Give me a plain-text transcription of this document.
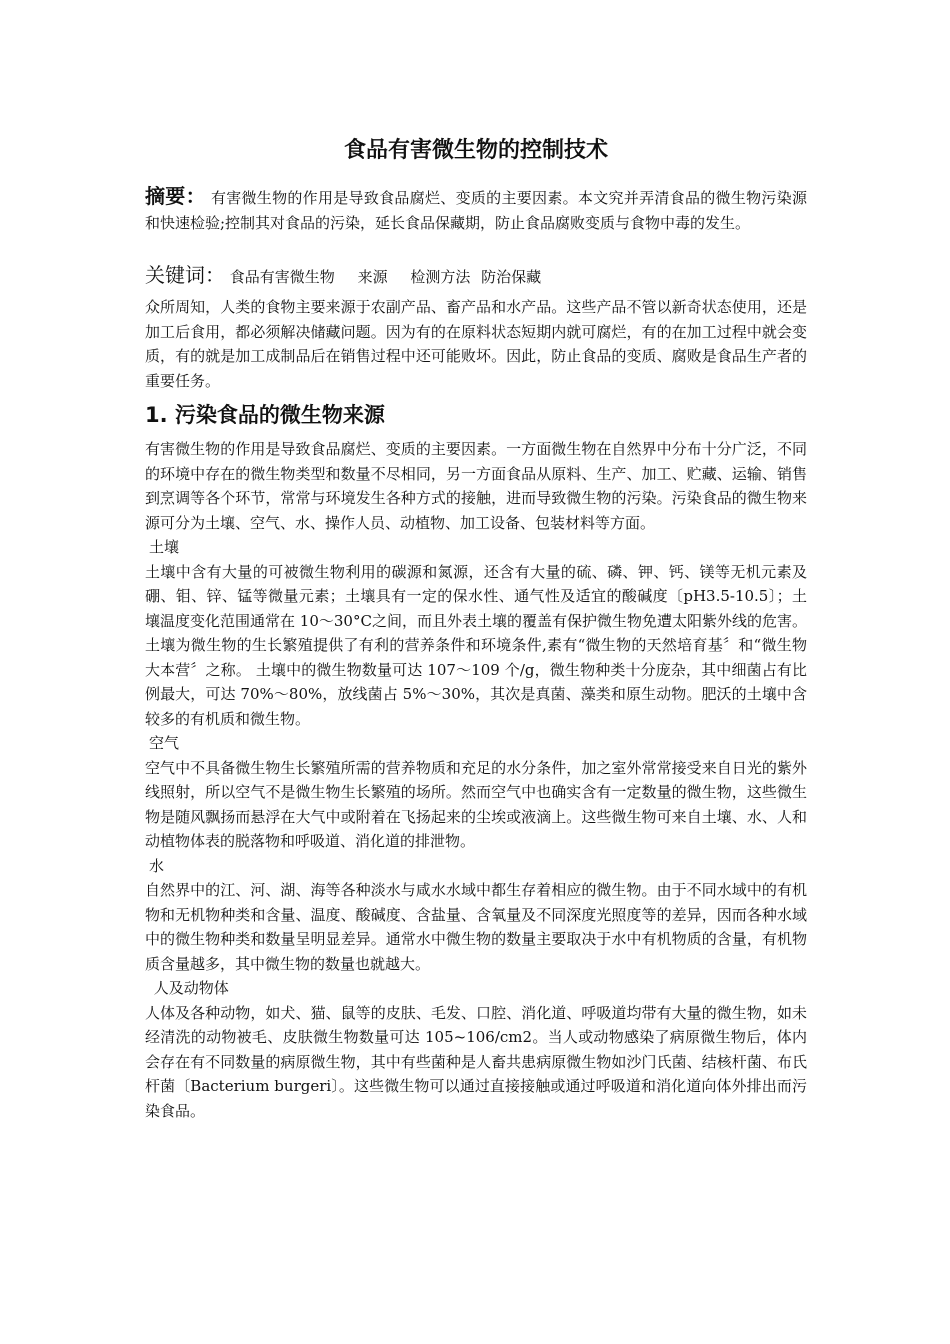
食品有害微生物的控制技术

摘要： 有害微生物的作用是导致食品腐烂、变质的主要因素。本文究并弄清食品的微生物污染源和快速检验;控制其对食品的污染，延长食品保藏期，防止食品腐败变质与食物中毒的发生。

关键词： 食品有害微生物 来源 检测方法 防治保藏

众所周知，人类的食物主要来源于农副产品、畜产品和水产品。这些产品不管以新奇状态使用，还是加工后食用，都必须解决储藏问题。因为有的在原料状态短期内就可腐烂，有的在加工过程中就会变质，有的就是加工成制品后在销售过程中还可能败坏。因此，防止食品的变质、腐败是食品生产者的重要任务。

1. 污染食品的微生物来源

有害微生物的作用是导致食品腐烂、变质的主要因素。一方面微生物在自然界中分布十分广泛，不同的环境中存在的微生物类型和数量不尽相同，另一方面食品从原料、生产、加工、贮藏、运输、销售到烹调等各个环节，常常与环境发生各种方式的接触，进而导致微生物的污染。污染食品的微生物来源可分为土壤、空气、水、操作人员、动植物、加工设备、包装材料等方面。

土壤

土壤中含有大量的可被微生物利用的碳源和氮源，还含有大量的硫、磷、钾、钙、镁等无机元素及硼、钼、锌、锰等微量元素；土壤具有一定的保水性、通气性及适宜的酸碱度〔pH3.5-10.5〕；土壤温度变化范围通常在 10～30°C之间，而且外表土壤的覆盖有保护微生物免遭太阳紫外线的危害。 土壤为微生物的生长繁殖提供了有利的营养条件和环境条件,素有“微生物的天然培育基〞和“微生物大本营〞之称。 土壤中的微生物数量可达 107～109 个/g，微生物种类十分庞杂，其中细菌占有比例最大，可达 70%～80%，放线菌占 5%～30%，其次是真菌、藻类和原生动物。肥沃的土壤中含较多的有机质和微生物。

空气

空气中不具备微生物生长繁殖所需的营养物质和充足的水分条件，加之室外常常接受来自日光的紫外线照射，所以空气不是微生物生长繁殖的场所。然而空气中也确实含有一定数量的微生物，这些微生物是随风飘扬而悬浮在大气中或附着在飞扬起来的尘埃或液滴上。这些微生物可来自土壤、水、人和动植物体表的脱落物和呼吸道、消化道的排泄物。

水

自然界中的江、河、湖、海等各种淡水与咸水水域中都生存着相应的微生物。由于不同水域中的有机物和无机物种类和含量、温度、酸碱度、含盐量、含氧量及不同深度光照度等的差异，因而各种水域中的微生物种类和数量呈明显差异。通常水中微生物的数量主要取决于水中有机物质的含量，有机物质含量越多，其中微生物的数量也就越大。

人及动物体

人体及各种动物，如犬、猫、鼠等的皮肤、毛发、口腔、消化道、呼吸道均带有大量的微生物，如未经清洗的动物被毛、皮肤微生物数量可达 105~106/cm2。当人或动物感染了病原微生物后，体内会存在有不同数量的病原微生物，其中有些菌种是人畜共患病原微生物如沙门氏菌、结核杆菌、布氏杆菌〔Bacterium burgeri〕。这些微生物可以通过直接接触或通过呼吸道和消化道向体外排出而污染食品。
